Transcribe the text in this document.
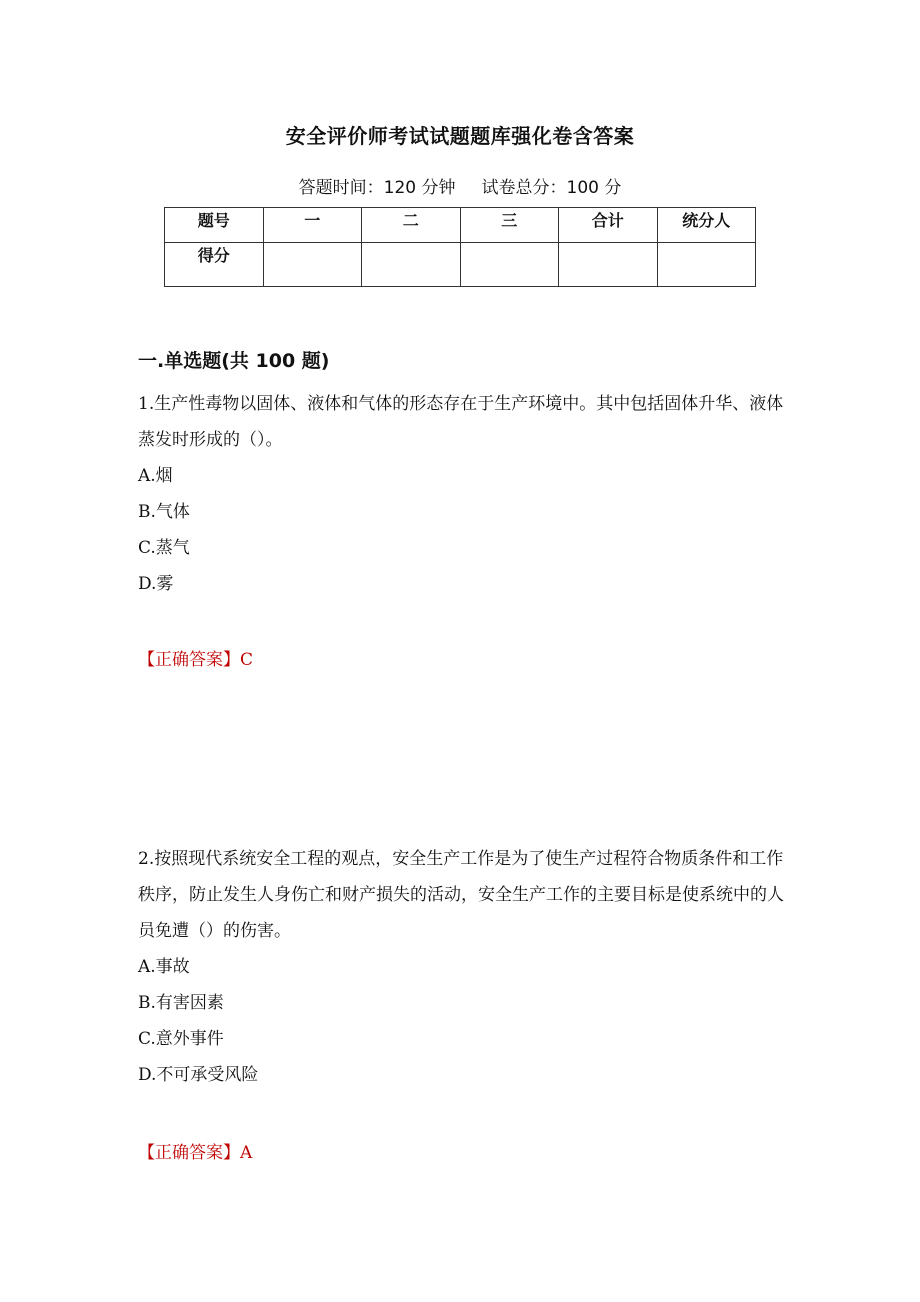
安全评价师考试试题题库强化卷含答案
答题时间：120 分钟 试卷总分：100 分
题号	一	二	三	合计	统分人
得分					
一.单选题(共 100 题)

1.生产性毒物以固体、液体和气体的形态存在于生产环境中。其中包括固体升华、液体蒸发时形成的（）。

A.烟

B.气体

C.蒸气

D.雾

【正确答案】C

2.按照现代系统安全工程的观点，安全生产工作是为了使生产过程符合物质条件和工作秩序，防止发生人身伤亡和财产损失的活动，安全生产工作的主要目标是使系统中的人员免遭（）的伤害。

A.事故

B.有害因素

C.意外事件

D.不可承受风险

【正确答案】A
